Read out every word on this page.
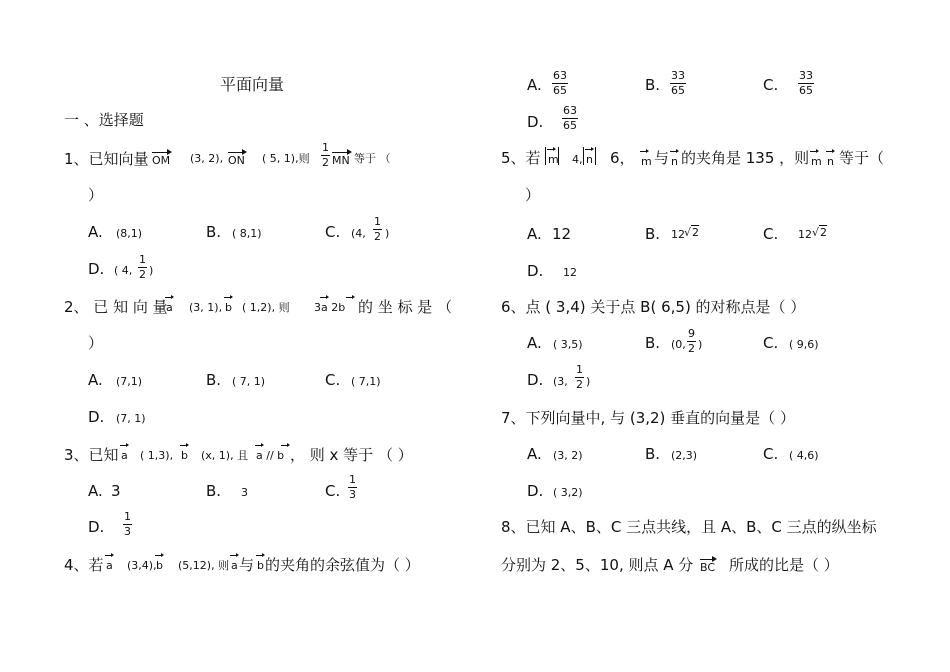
平面向量
一 、选择题
1、已知向量 OM (3, 2), ON ( 5, 1),则
1
2 MN 等于 （
）
A. (8,1)	B. ( 8,1)	C. (4,
1
2 )
D. ( 4,
1
2 )
2、 已 知 向 量
a (3, 1), b ( 1,2), 则 3a 2b 的 坐 标 是 （
）
A. (7,1)	B. ( 7, 1)	C. ( 7,1)
D. (7, 1)
3、已知 a ( 1,3), b (x, 1), 且 a // b ， 则 x 等于 （ ）
A. 3	B. 3	C.
1
3
D.
1
3
4、若 a (3,4), b (5,12), 则 a 与 b 的夹角的余弦值为（ ）
A.
63
65	B.
33
65	C.
33
65
D.
63
65
5、若 m 4, n 6， m 与 n 的夹角是 135 ，则 m n 等于（
）
A. 12	B. 12 √2	C. 12 √2
D. 12
6、点 ( 3,4) 关于点 B( 6,5) 的对称点是（ ）
A. ( 3,5)	B. (0,
9
2 )	C. ( 9,6)
D. (3,
1
2 )
7、下列向量中, 与 (3,2) 垂直的向量是（ ）
A. (3, 2)	B. (2,3)	C. ( 4,6)
D. ( 3,2)
8、已知 A、B、C 三点共线，且 A、B、C 三点的纵坐标
分别为 2、5、10, 则点 A 分 BC 所成的比是（ ）
